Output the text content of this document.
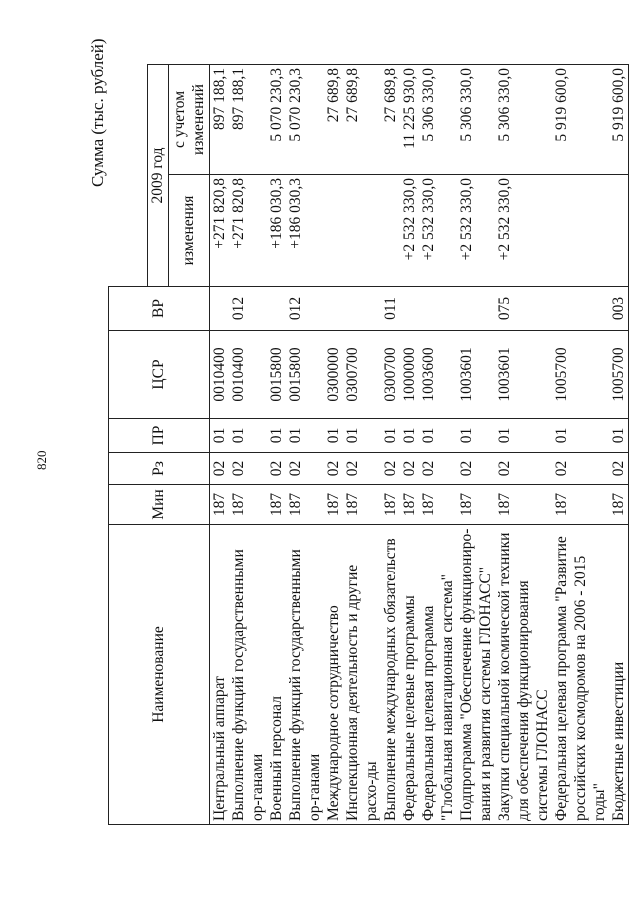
820
Сумма (тыс. рублей)
Наименование	Мин	Рз	ПР	ЦСР	ВР		
						2009 год	
						изменения	с учетом изменений

Центральный аппарат	187	02	01	0010400		+271 820,8	897 188,1

Выполнение функций государственными ор-ганами	187	02	01	0010400	012	+271 820,8	897 188,1

Военный персонал	187	02	01	0015800		+186 030,3	5 070 230,3

Выполнение функций государственными ор-ганами	187	02	01	0015800	012	+186 030,3	5 070 230,3

Международное сотрудничество	187	02	01	0300000			27 689,8

Инспекционная деятельность и другие расхо-ды	187	02	01	0300700			27 689,8

Выполнение международных обязательств	187	02	01	0300700	011		27 689,8

Федеральные целевые программы	187	02	01	1000000		+2 532 330,0	11 225 930,0

Федеральная целевая программа "Глобальная навигационная система"	187	02	01	1003600		+2 532 330,0	5 306 330,0

Подпрограмма "Обеспечение функциониро-вания и развития системы ГЛОНАСС"	187	02	01	1003601		+2 532 330,0	5 306 330,0

Закупки специальной космической техники для обеспечения функционирования системы ГЛОНАСС	187	02	01	1003601	075	+2 532 330,0	5 306 330,0

Федеральная целевая программа "Развитие российских космодромов на 2006 - 2015 годы"	187	02	01	1005700			5 919 600,0

Бюджетные инвестиции	187	02	01	1005700	003		5 919 600,0
